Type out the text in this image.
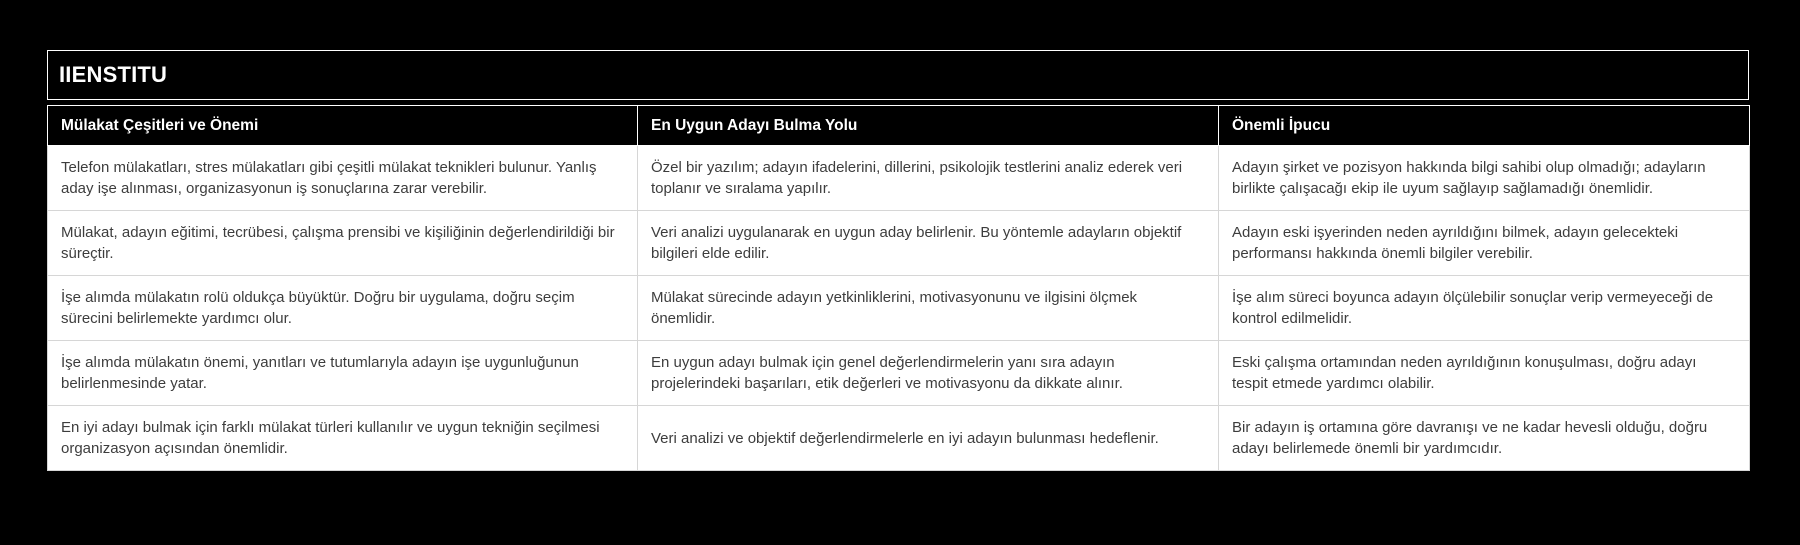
IIENSTITU
Mülakat Çeşitleri ve Önemi	En Uygun Adayı Bulma Yolu	Önemli İpucu
Telefon mülakatları, stres mülakatları gibi çeşitli mülakat teknikleri bulunur. Yanlış aday işe alınması, organizasyonun iş sonuçlarına zarar verebilir.	Özel bir yazılım; adayın ifadelerini, dillerini, psikolojik testlerini analiz ederek veri toplanır ve sıralama yapılır.	Adayın şirket ve pozisyon hakkında bilgi sahibi olup olmadığı; adayların birlikte çalışacağı ekip ile uyum sağlayıp sağlamadığı önemlidir.
Mülakat, adayın eğitimi, tecrübesi, çalışma prensibi ve kişiliğinin değerlendirildiği bir süreçtir.	Veri analizi uygulanarak en uygun aday belirlenir. Bu yöntemle adayların objektif bilgileri elde edilir.	Adayın eski işyerinden neden ayrıldığını bilmek, adayın gelecekteki performansı hakkında önemli bilgiler verebilir.
İşe alımda mülakatın rolü oldukça büyüktür. Doğru bir uygulama, doğru seçim sürecini belirlemekte yardımcı olur.	Mülakat sürecinde adayın yetkinliklerini, motivasyonunu ve ilgisini ölçmek önemlidir.	İşe alım süreci boyunca adayın ölçülebilir sonuçlar verip vermeyeceği de kontrol edilmelidir.
İşe alımda mülakatın önemi, yanıtları ve tutumlarıyla adayın işe uygunluğunun belirlenmesinde yatar.	En uygun adayı bulmak için genel değerlendirmelerin yanı sıra adayın projelerindeki başarıları, etik değerleri ve motivasyonu da dikkate alınır.	Eski çalışma ortamından neden ayrıldığının konuşulması, doğru adayı tespit etmede yardımcı olabilir.
En iyi adayı bulmak için farklı mülakat türleri kullanılır ve uygun tekniğin seçilmesi organizasyon açısından önemlidir.	Veri analizi ve objektif değerlendirmelerle en iyi adayın bulunması hedeflenir.	Bir adayın iş ortamına göre davranışı ve ne kadar hevesli olduğu, doğru adayı belirlemede önemli bir yardımcıdır.
